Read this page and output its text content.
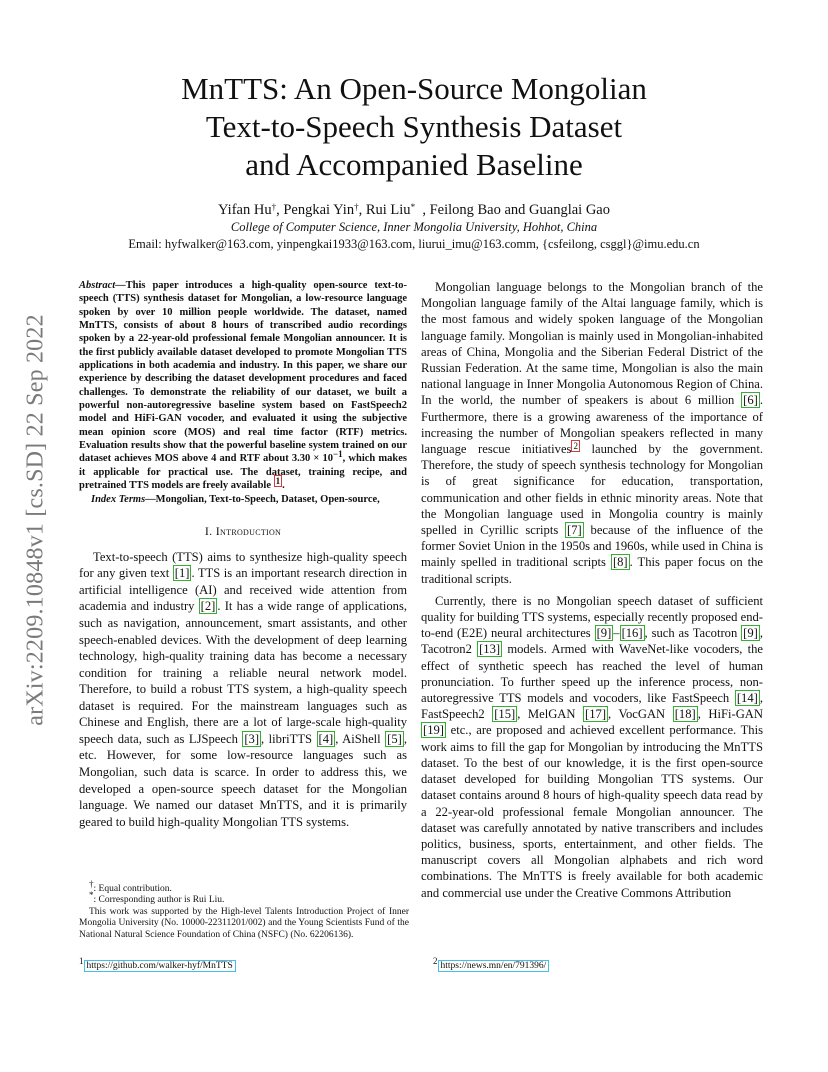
arXiv:2209.10848v1 [cs.SD] 22 Sep 2022
MnTTS: An Open-Source Mongolian
Text-to-Speech Synthesis Dataset
and Accompanied Baseline
Yifan Hu†, Pengkai Yin†, Rui Liu* , Feilong Bao and Guanglai Gao
College of Computer Science, Inner Mongolia University, Hohhot, China
Email: hyfwalker@163.com, yinpengkai1933@163.com, liurui_imu@163.comm, {csfeilong, csggl}@imu.edu.cn

Abstract—This paper introduces a high-quality open-source text-to-speech (TTS) synthesis dataset for Mongolian, a low-resource language spoken by over 10 million people worldwide. The dataset, named MnTTS, consists of about 8 hours of transcribed audio recordings spoken by a 22-year-old professional female Mongolian announcer. It is the first publicly available dataset developed to promote Mongolian TTS applications in both academia and industry. In this paper, we share our experience by describing the dataset development procedures and faced challenges. To demonstrate the reliability of our dataset, we built a powerful non-autoregressive baseline system based on FastSpeech2 model and HiFi-GAN vocoder, and evaluated it using the subjective mean opinion score (MOS) and real time factor (RTF) metrics. Evaluation results show that the powerful baseline system trained on our dataset achieves MOS above 4 and RTF about $3.30 \times 10^{-1}$, which makes it applicable for practical use. The dataset, training recipe, and pretrained TTS models are freely available 1 .

Index Terms—Mongolian, Text-to-Speech, Dataset, Open-source,

I. Introduction

Text-to-speech (TTS) aims to synthesize high-quality speech for any given text [1] . TTS is an important research direction in artificial intelligence (AI) and received wide attention from academia and industry [2] . It has a wide range of applications, such as navigation, announcement, smart assistants, and other speech-enabled devices. With the development of deep learning technology, high-quality training data has become a necessary condition for training a reliable neural network model. Therefore, to build a robust TTS system, a high-quality speech dataset is required. For the mainstream languages such as Chinese and English, there are a lot of large-scale high-quality speech data, such as LJSpeech [3] , libriTTS [4] , AiShell [5] , etc. However, for some low-resource languages such as Mongolian, such data is scarce. In order to address this, we developed a open-source speech dataset for the Mongolian language. We named our dataset MnTTS, and it is primarily geared to build high-quality Mongolian TTS systems.

Mongolian language belongs to the Mongolian branch of the Mongolian language family of the Altai language family, which is the most famous and widely spoken language of the Mongolian language family. Mongolian is mainly used in Mongolian-inhabited areas of China, Mongolia and the Siberian Federal District of the Russian Federation. At the same time, Mongolian is also the main national language in Inner Mongolia Autonomous Region of China. In the world, the number of speakers is about 6 million [6] . Furthermore, there is a growing awareness of the importance of increasing the number of Mongolian speakers reflected in many language rescue initiatives $^2$ launched by the government. Therefore, the study of speech synthesis technology for Mongolian is of great significance for education, transportation, communication and other fields in ethnic minority areas. Note that the Mongolian language used in Mongolia country is mainly spelled in Cyrillic scripts [7] because of the influence of the former Soviet Union in the 1950s and 1960s, while used in China is mainly spelled in traditional scripts [8] . This paper focus on the traditional scripts.

Currently, there is no Mongolian speech dataset of sufficient quality for building TTS systems, especially recently proposed end-to-end (E2E) neural architectures [9] – [16] , such as Tacotron [9] , Tacotron2 [13] models. Armed with WaveNet-like vocoders, the effect of synthetic speech has reached the level of human pronunciation. To further speed up the inference process, non-autoregressive TTS models and vocoders, like FastSpeech [14] , FastSpeech2 [15] , MelGAN [17] , VocGAN [18] , HiFi-GAN [19] etc., are proposed and achieved excellent performance. This work aims to fill the gap for Mongolian by introducing the MnTTS dataset. To the best of our knowledge, it is the first open-source dataset developed for building Mongolian TTS systems. Our dataset contains around 8 hours of high-quality speech data read by a 22-year-old professional female Mongolian announcer. The dataset was carefully annotated by native transcribers and includes politics, business, sports, entertainment, and other fields. The manuscript covers all Mongolian alphabets and rich word combinations. The MnTTS is freely available for both academic and commercial use under the Creative Commons Attribution

†: Equal contribution.

*: Corresponding author is Rui Liu.

This work was supported by the High-level Talents Introduction Project of Inner Mongolia University (No. 10000-22311201/002) and the Young Scientists Fund of the National Natural Science Foundation of China (NSFC) (No. 62206136).

$^1$ https://github.com/walker-hyf/MnTTS	$^2$ https://news.mn/en/791396/
